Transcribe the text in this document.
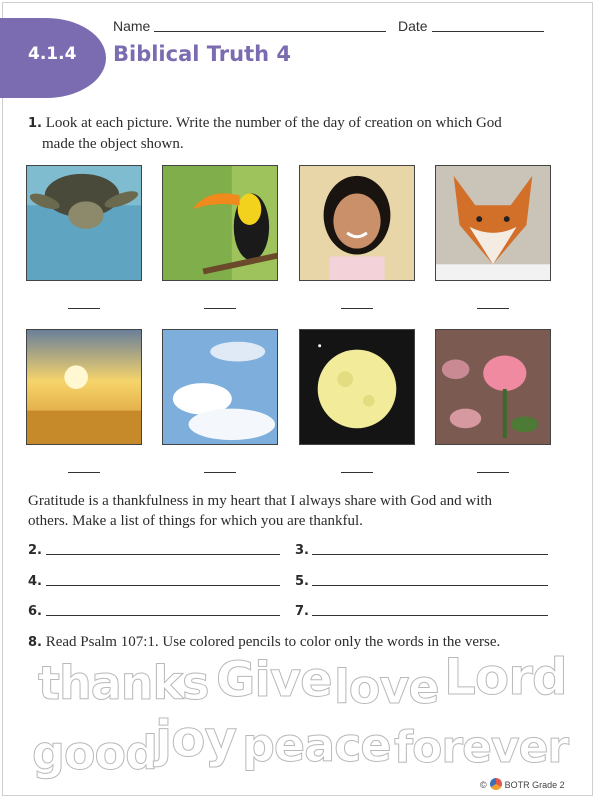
4.1.4 Biblical Truth 4
Name	Date
1. Look at each picture. Write the number of the day of creation on which God
made the object shown.
Gratitude is a thankfulness in my heart that I always share with God and with
others. Make a list of things for which you are thankful.
2.	3.
4.	5.
6.	7.
8. Read Psalm 107:1. Use colored pencils to color only the words in the verse.
thanks Give love Lord
good
joy peace forever
© BOTR Grade 2
